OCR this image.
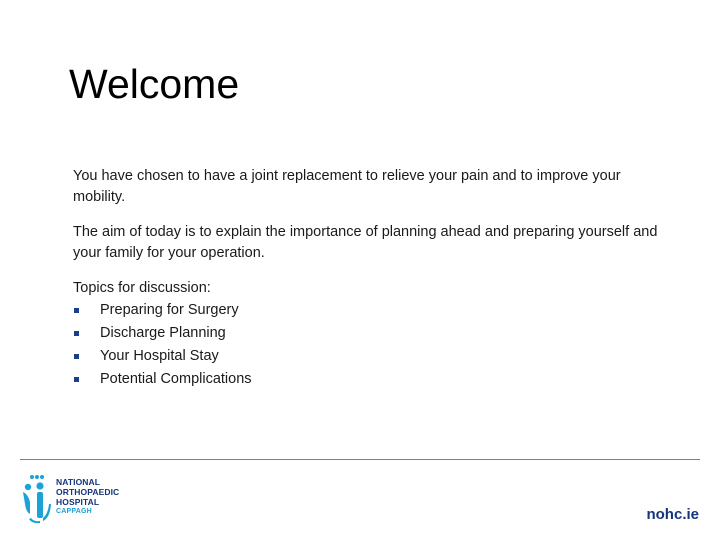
Welcome

You have chosen to have a joint replacement to relieve your pain and to improve your mobility.

The aim of today is to explain the importance of planning ahead and preparing yourself and your family for your operation.

Topics for discussion:

Preparing for Surgery
Discharge Planning
Your Hospital Stay
Potential Complications
NATIONAL
ORTHOPAEDIC
HOSPITAL
CAPPAGH	nohc.ie
